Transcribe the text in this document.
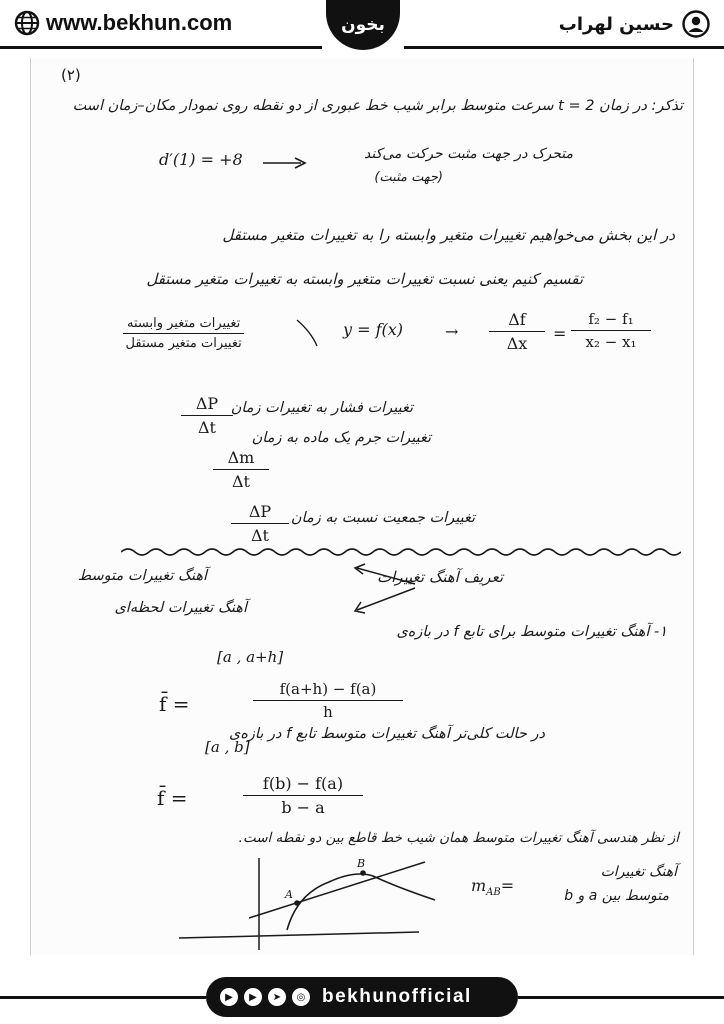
www.bekhun.com	بخون	حسین لهراب
(۲)
تذکر: در زمان t = 2 سرعت متوسط برابر شیب خط عبوری از دو نقطه روی نمودار مکان–زمان است
d′(1) = +8	متحرک در جهت مثبت حرکت می‌کند
(جهت مثبت)
در این بخش می‌خواهیم تغییرات متغیر وابسته را به تغییرات متغیر مستقل
تقسیم کنیم یعنی نسبت تغییرات متغیر وابسته به تغییرات متغیر مستقل
تغییرات متغیر وابسته
تغییرات متغیر مستقل
y = f(x)	→ $\frac{\Delta f}{\Delta x} = \frac{\text{f₂ − f₁}}{\text{x₂ − x₁}}$
$\frac{\Delta P}{\Delta t}$
تغییرات فشار به تغییرات زمان
$\frac{\Delta m}{\Delta t}$
تغییرات جرم یک ماده به زمان
$\frac{\Delta P}{\Delta t}$ تغییرات جمعیت نسبت به زمان
تعریف آهنگ تغییرات
آهنگ تغییرات متوسط
آهنگ تغییرات لحظه‌ای
۱- آهنگ تغییرات متوسط برای تابع f در بازه‌ی
[a , a+h]
f̄ =	$\frac{f(a+h) - f(a)}{h}$
در حالت کلی‌تر آهنگ تغییرات متوسط تابع f در بازه‌ی
[a , b]
f̄ =	$\frac{f(b) - f(a)}{b - a}$
از نظر هندسی آهنگ تغییرات متوسط همان شیب خط قاطع بین دو نقطه است.
A
B
$m_{AB}=$
آهنگ تغییرات
متوسط بین a و b
▶	▶	➤	◎ bekhunofficial
